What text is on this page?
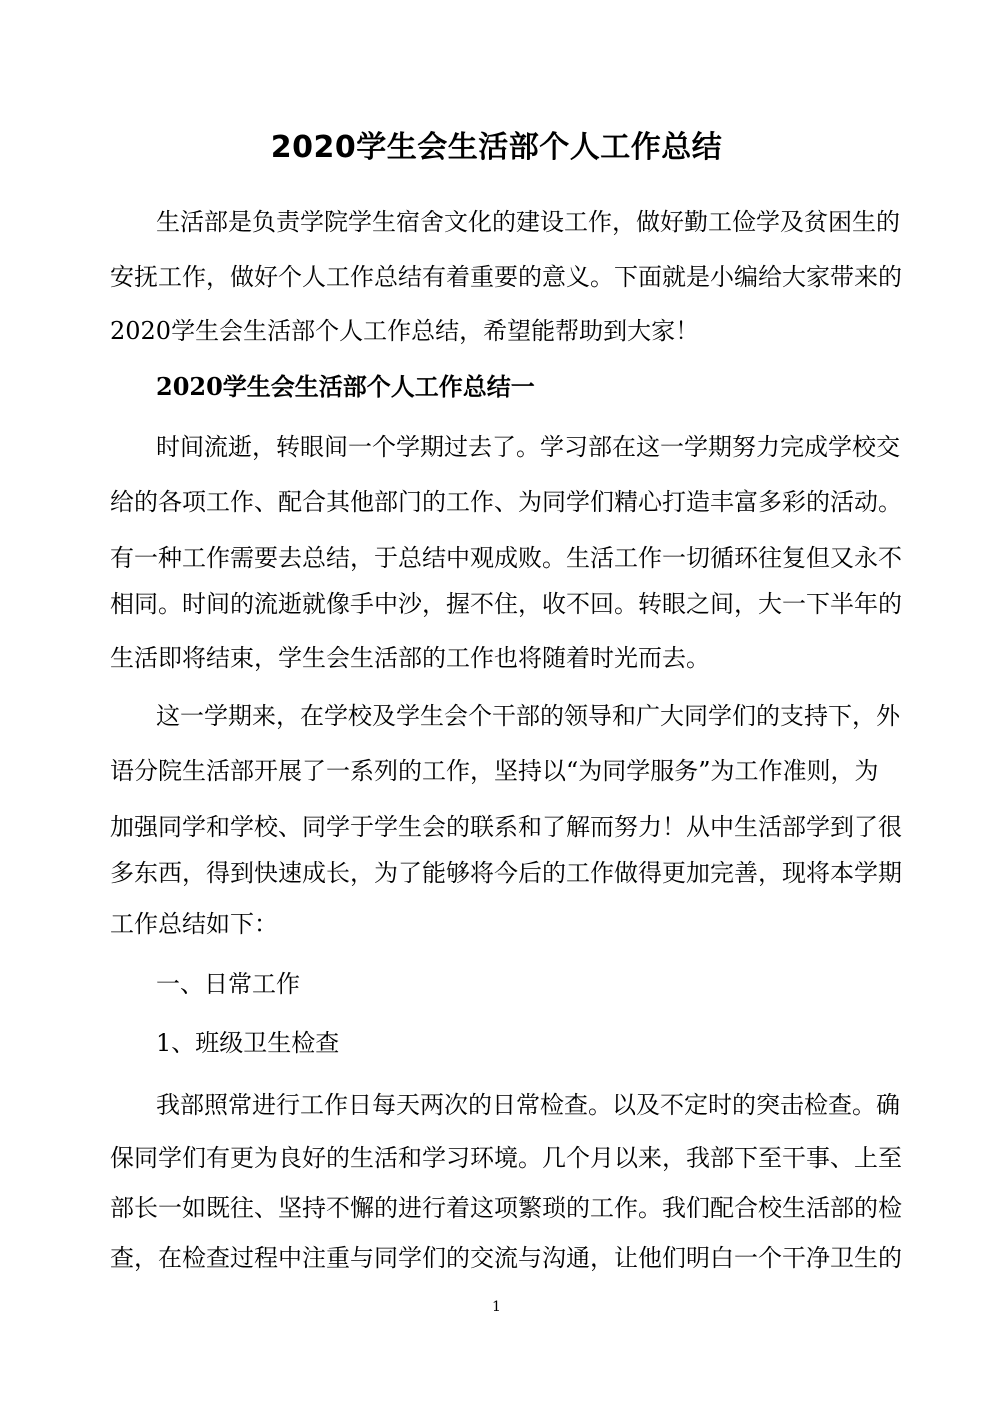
2020学生会生活部个人工作总结

生活部是负责学院学生宿舍文化的建设工作，做好勤工俭学及贫困生的

安抚工作，做好个人工作总结有着重要的意义。下面就是小编给大家带来的

2020学生会生活部个人工作总结，希望能帮助到大家！

2020学生会生活部个人工作总结一

时间流逝，转眼间一个学期过去了。学习部在这一学期努力完成学校交

给的各项工作、配合其他部门的工作、为同学们精心打造丰富多彩的活动。

有一种工作需要去总结，于总结中观成败。生活工作一切循环往复但又永不

相同。时间的流逝就像手中沙，握不住，收不回。转眼之间，大一下半年的

生活即将结束，学生会生活部的工作也将随着时光而去。

这一学期来，在学校及学生会个干部的领导和广大同学们的支持下，外

语分院生活部开展了一系列的工作，坚持以“为同学服务”为工作准则，为

加强同学和学校、同学于学生会的联系和了解而努力！从中生活部学到了很

多东西，得到快速成长，为了能够将今后的工作做得更加完善，现将本学期

工作总结如下：

一、日常工作

1、班级卫生检查

我部照常进行工作日每天两次的日常检查。以及不定时的突击检查。确

保同学们有更为良好的生活和学习环境。几个月以来，我部下至干事、上至

部长一如既往、坚持不懈的进行着这项繁琐的工作。我们配合校生活部的检

查，在检查过程中注重与同学们的交流与沟通，让他们明白一个干净卫生的

1
